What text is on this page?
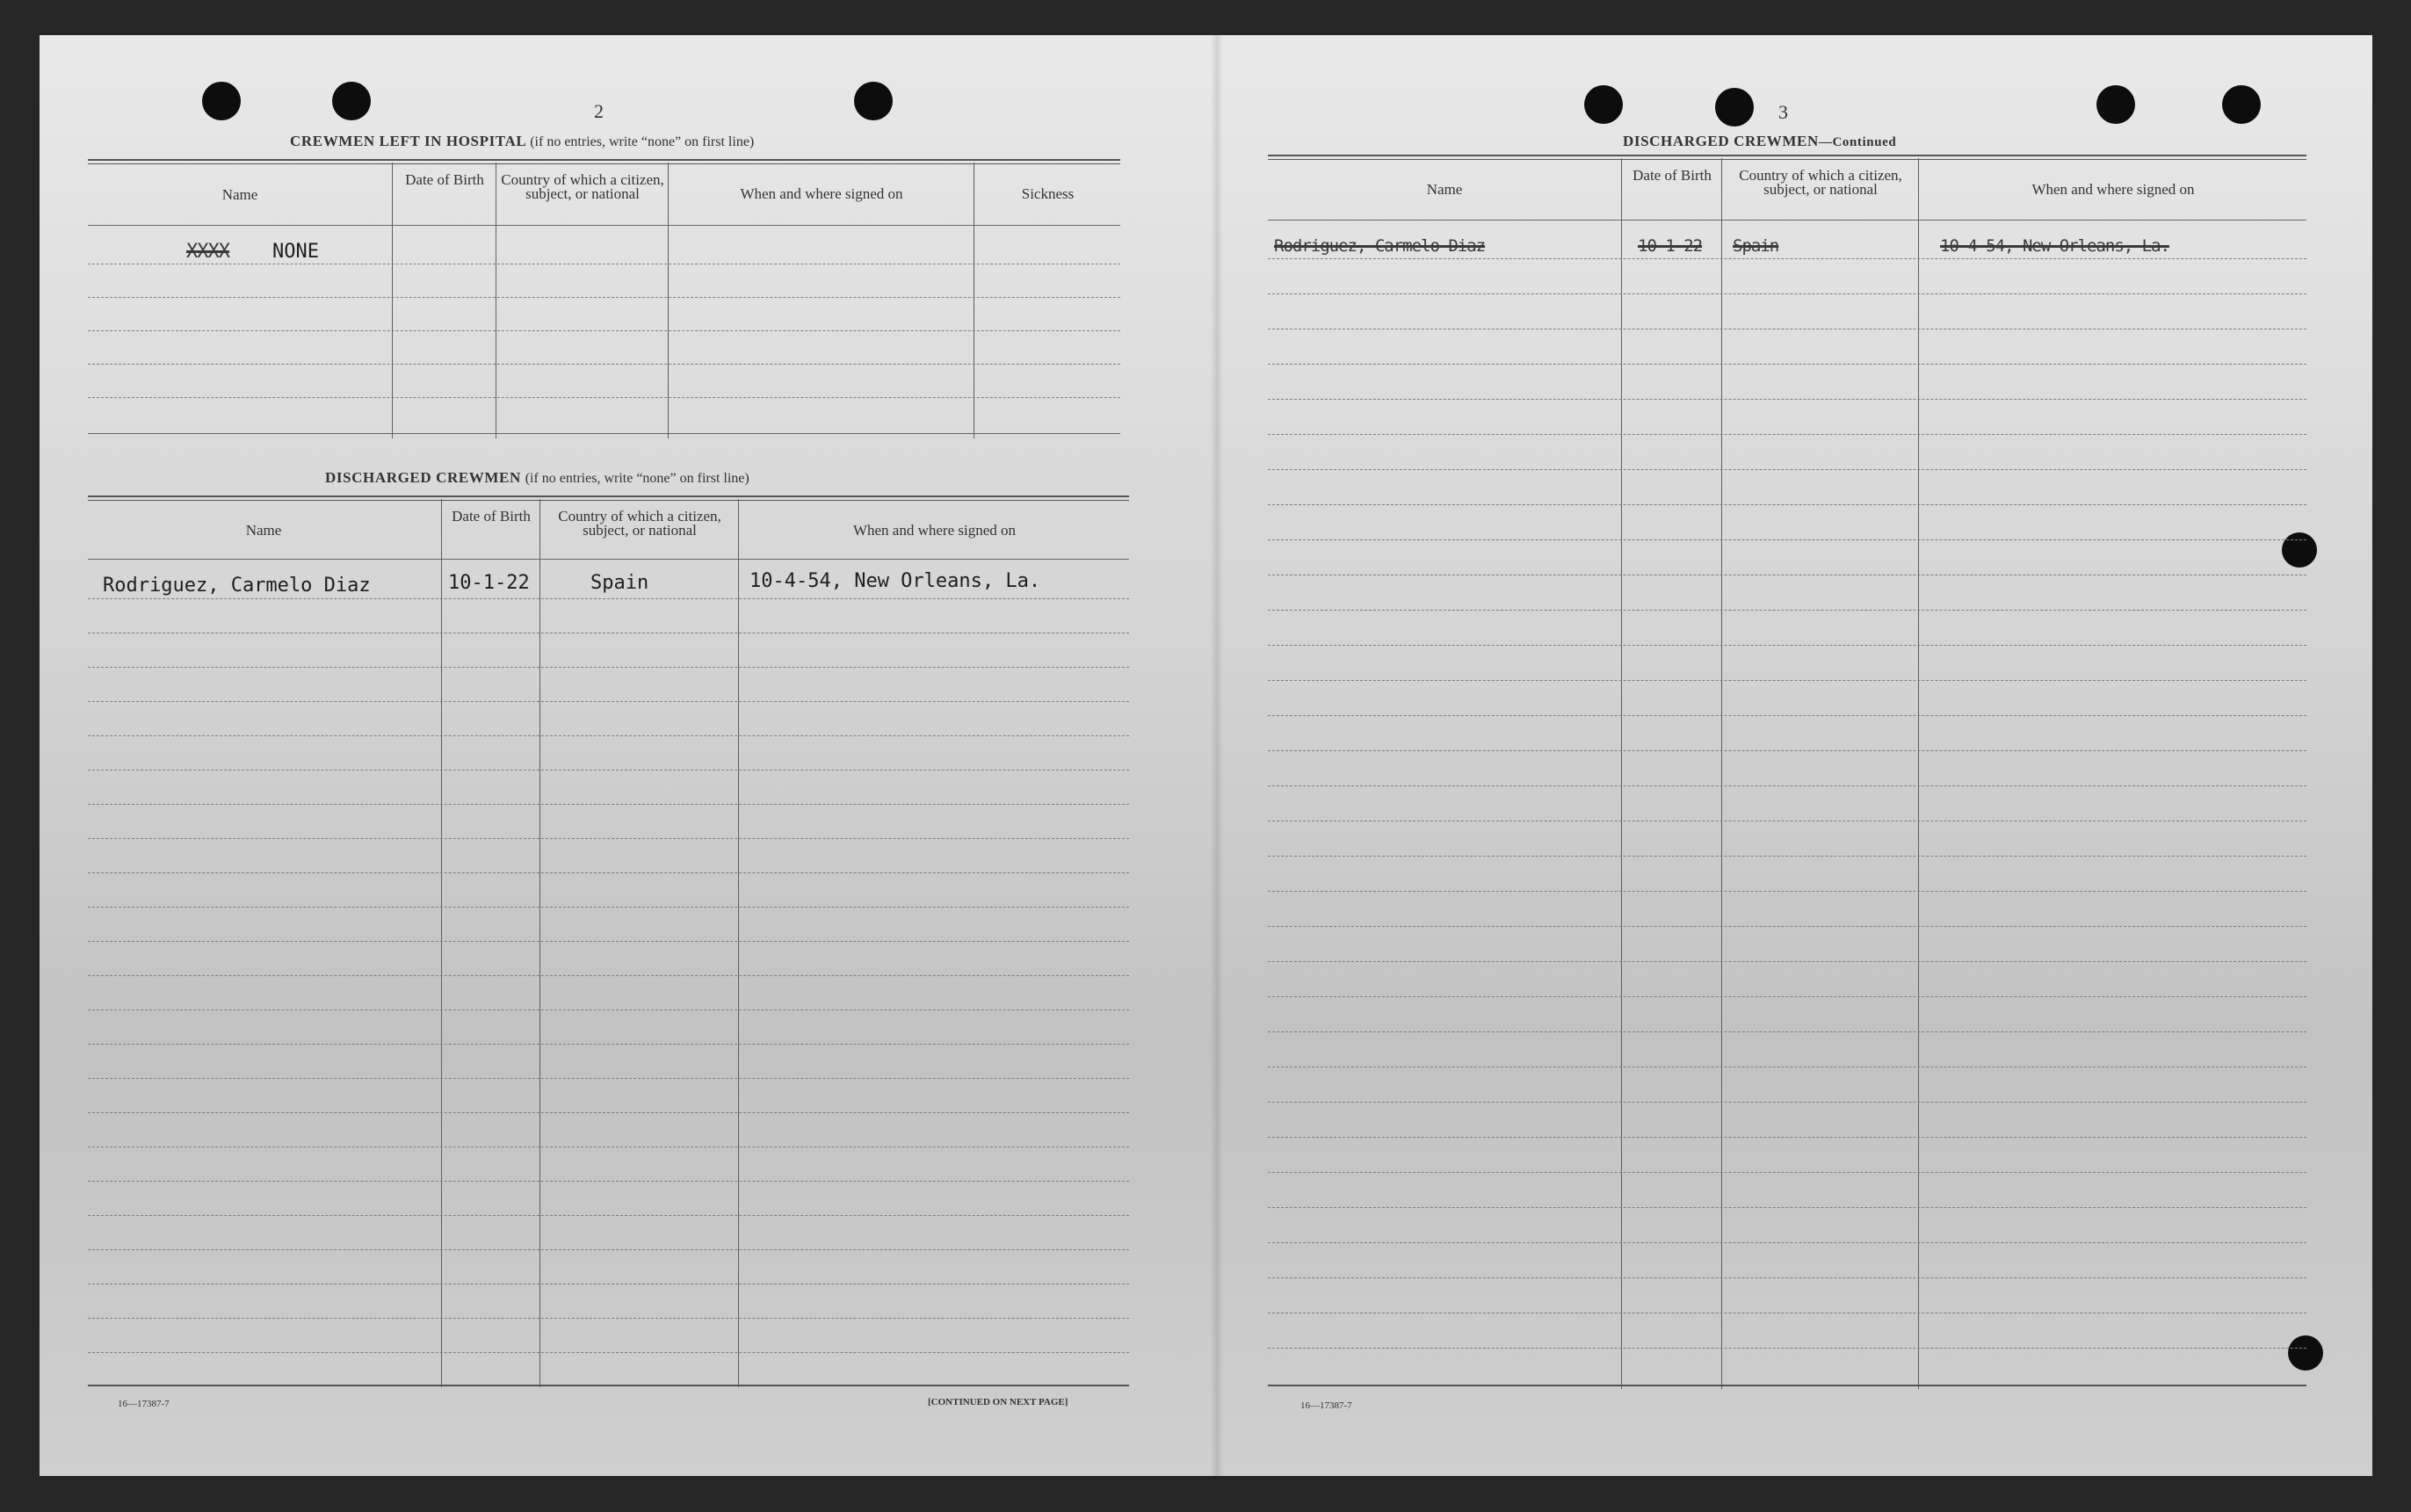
2
CREWMEN LEFT IN HOSPITAL (if no entries, write “none” on first line)
Name
Date of Birth	Country of which a citizen, subject, or national	When and where signed on	Sickness
XXXX NONE
DISCHARGED CREWMEN (if no entries, write “none” on first line)
Name
Date of Birth	Country of which a citizen, subject, or national	When and where signed on
Rodriguez, Carmelo Diaz	10-1-22	Spain	10-4-54, New Orleans, La.
16—17387-7	[CONTINUED ON NEXT PAGE]
3
DISCHARGED CREWMEN—Continued
Name
Date of Birth	Country of which a citizen, subject, or national	When and where signed on
Rodriguez, Carmelo Diaz	10-1-22 Spain	10-4-54, New Orleans, La.
16—17387-7
